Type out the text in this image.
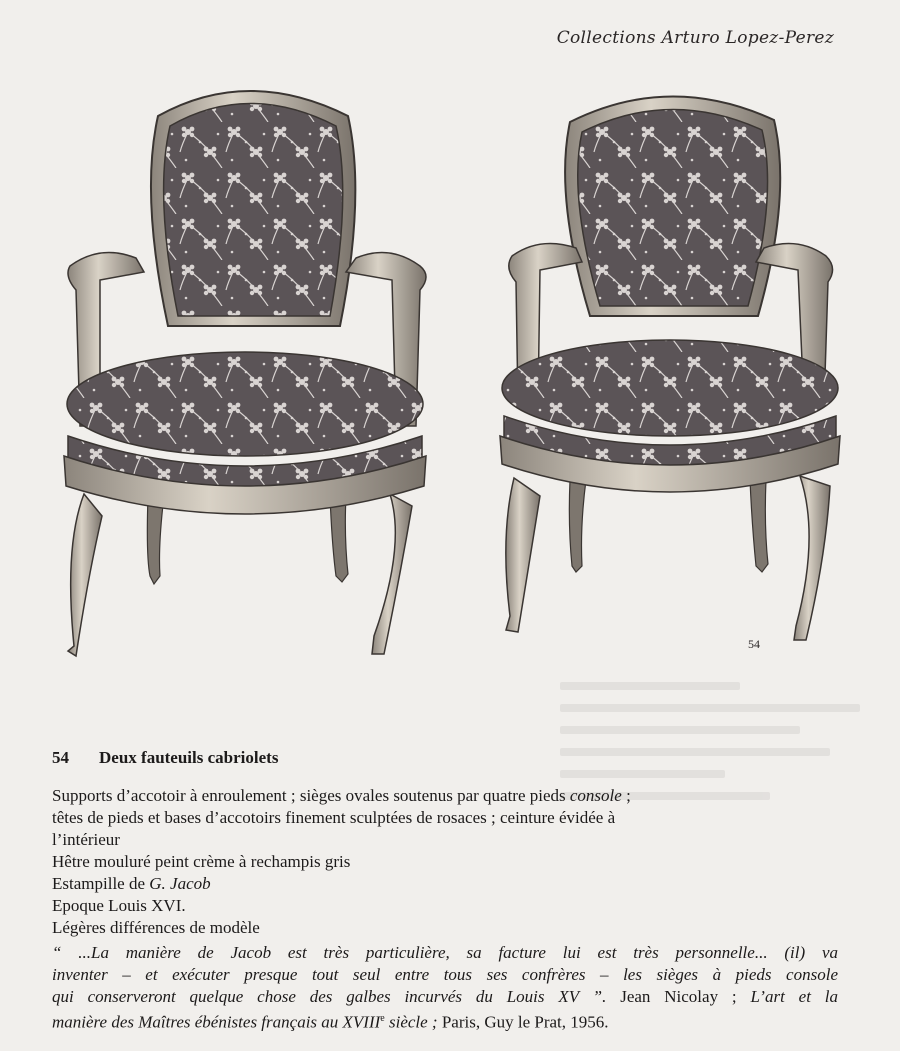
Collections Arturo Lopez-Perez
54
54 Deux fauteuils cabriolets
Supports d’accotoir à enroulement ; sièges ovales soutenus par quatre pieds console ;
têtes de pieds et bases d’accotoirs finement sculptées de rosaces ; ceinture évidée à
l’intérieur
Hêtre mouluré peint crème à rechampis gris
Estampille de G. Jacob
Epoque Louis XVI.
Légères différences de modèle
“ ...La manière de Jacob est très particulière, sa facture lui est très personnelle... (il) va
inventer – et exécuter presque tout seul entre tous ses confrères – les sièges à pieds console
qui conserveront quelque chose des galbes incurvés du Louis XV ”. Jean Nicolay ; L’art et la
manière des Maîtres ébénistes français au XVIIIe siècle ; Paris, Guy le Prat, 1956.
